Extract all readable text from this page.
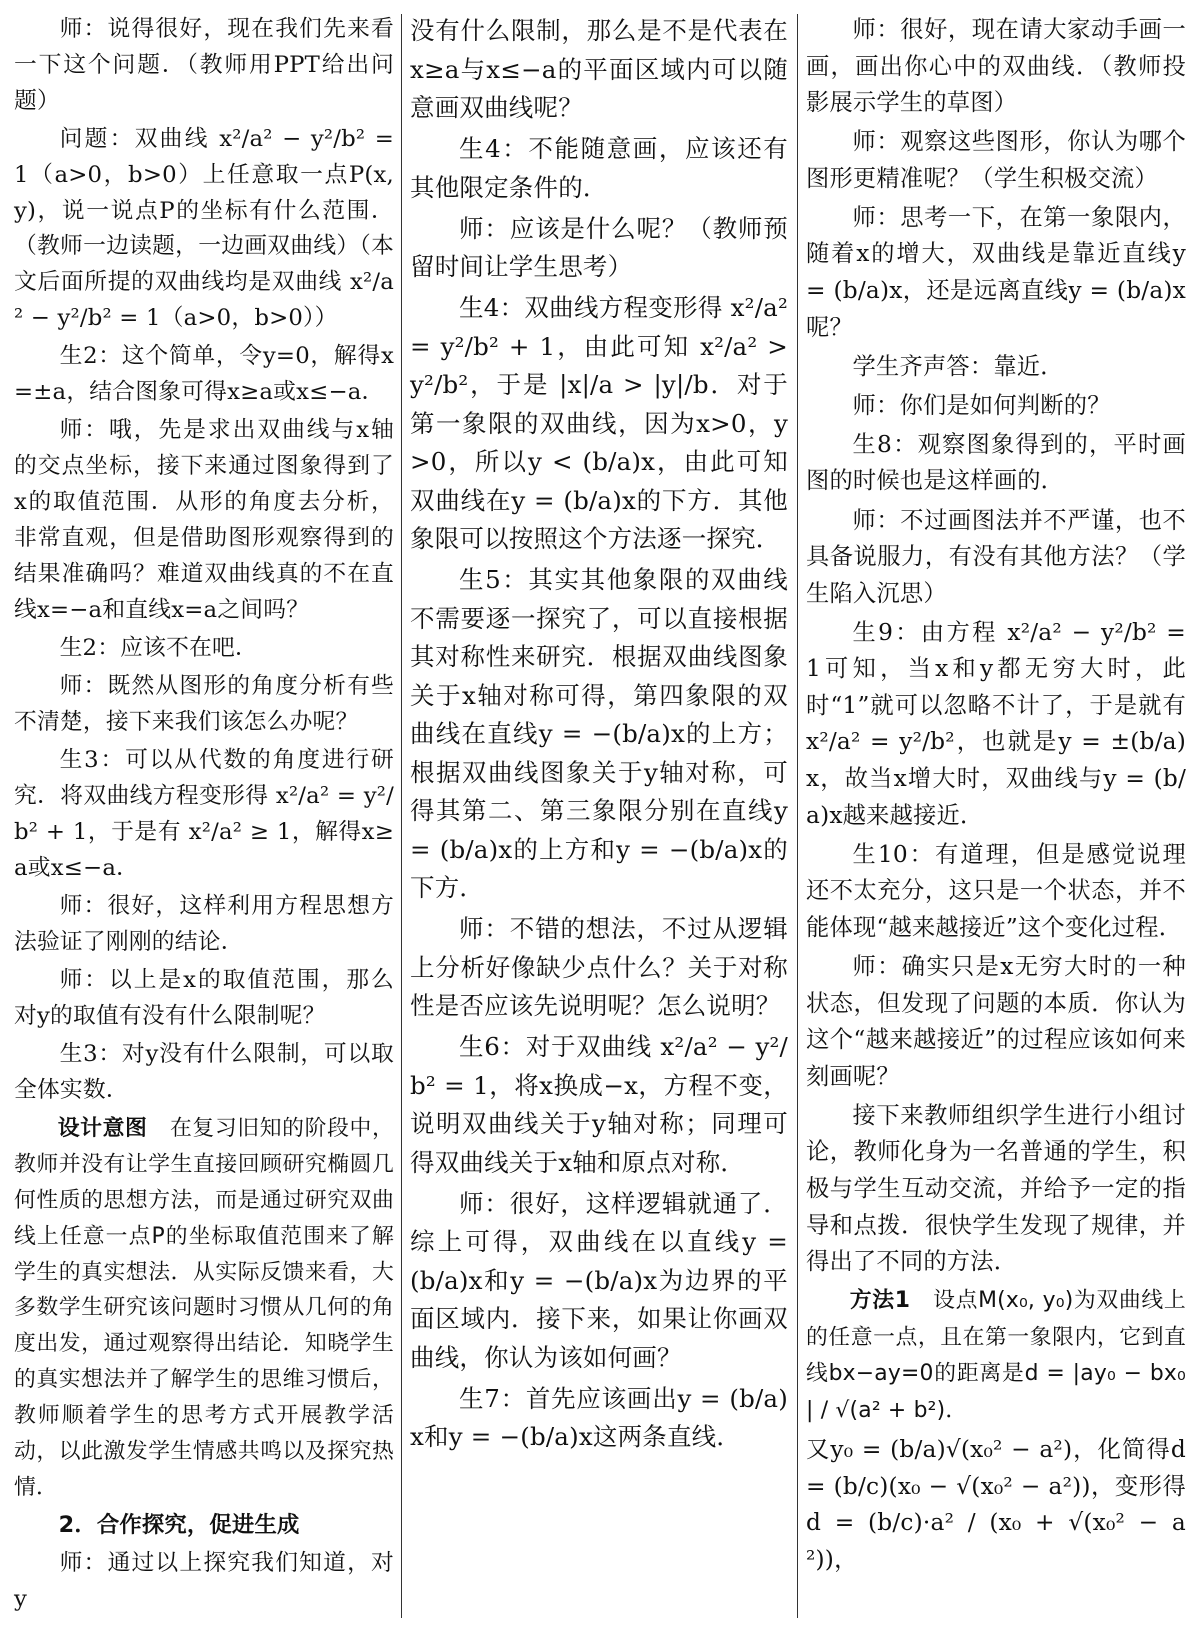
师：说得很好，现在我们先来看一下这个问题．（教师用PPT给出问题）

问题：双曲线 x²/a² − y²/b² = 1（a>0，b>0）上任意取一点P(x, y)，说一说点P的坐标有什么范围．（教师一边读题，一边画双曲线）（本文后面所提的双曲线均是双曲线 x²/a² − y²/b² = 1（a>0，b>0））

生2：这个简单，令y=0，解得x=±a，结合图象可得x≥a或x≤−a．

师：哦，先是求出双曲线与x轴的交点坐标，接下来通过图象得到了x的取值范围．从形的角度去分析，非常直观，但是借助图形观察得到的结果准确吗？难道双曲线真的不在直线x=−a和直线x=a之间吗？

生2：应该不在吧．

师：既然从图形的角度分析有些不清楚，接下来我们该怎么办呢？

生3：可以从代数的角度进行研究．将双曲线方程变形得 x²/a² = y²/b² + 1，于是有 x²/a² ≥ 1，解得x≥a或x≤−a．

师：很好，这样利用方程思想方法验证了刚刚的结论．

师：以上是x的取值范围，那么对y的取值有没有什么限制呢？

生3：对y没有什么限制，可以取全体实数．

设计意图　 在复习旧知的阶段中，教师并没有让学生直接回顾研究椭圆几何性质的思想方法，而是通过研究双曲线上任意一点P的坐标取值范围来了解学生的真实想法．从实际反馈来看，大多数学生研究该问题时习惯从几何的角度出发，通过观察得出结论．知晓学生的真实想法并了解学生的思维习惯后，教师顺着学生的思考方式开展教学活动，以此激发学生情感共鸣以及探究热情．

2．合作探究，促进生成

师：通过以上探究我们知道，对y

没有什么限制，那么是不是代表在x≥a与x≤−a的平面区域内可以随意画双曲线呢？

生4：不能随意画，应该还有其他限定条件的．

师：应该是什么呢？（教师预留时间让学生思考）

生4：双曲线方程变形得 x²/a² = y²/b² + 1，由此可知 x²/a² > y²/b²，于是 |x|/a > |y|/b．对于第一象限的双曲线，因为x>0，y>0，所以y < (b/a)x，由此可知双曲线在y = (b/a)x的下方．其他象限可以按照这个方法逐一探究．

生5：其实其他象限的双曲线不需要逐一探究了，可以直接根据其对称性来研究．根据双曲线图象关于x轴对称可得，第四象限的双曲线在直线y = −(b/a)x的上方；根据双曲线图象关于y轴对称，可得其第二、第三象限分别在直线y = (b/a)x的上方和y = −(b/a)x的下方．

师：不错的想法，不过从逻辑上分析好像缺少点什么？关于对称性是否应该先说明呢？怎么说明？

生6：对于双曲线 x²/a² − y²/b² = 1，将x换成−x，方程不变，说明双曲线关于y轴对称；同理可得双曲线关于x轴和原点对称．

师：很好，这样逻辑就通了．综上可得，双曲线在以直线y = (b/a)x和y = −(b/a)x为边界的平面区域内．接下来，如果让你画双曲线，你认为该如何画？

生7：首先应该画出y = (b/a)x和y = −(b/a)x这两条直线．

师：很好，现在请大家动手画一画，画出你心中的双曲线．（教师投影展示学生的草图）

师：观察这些图形，你认为哪个图形更精准呢？（学生积极交流）

师：思考一下，在第一象限内，随着x的增大，双曲线是靠近直线y = (b/a)x，还是远离直线y = (b/a)x呢？

学生齐声答：靠近．

师：你们是如何判断的？

生8：观察图象得到的，平时画图的时候也是这样画的．

师：不过画图法并不严谨，也不具备说服力，有没有其他方法？（学生陷入沉思）

生9：由方程 x²/a² − y²/b² = 1可知，当x和y都无穷大时，此时“1”就可以忽略不计了，于是就有 x²/a² = y²/b²，也就是y = ±(b/a)x，故当x增大时，双曲线与y = (b/a)x越来越接近．

生10：有道理，但是感觉说理还不太充分，这只是一个状态，并不能体现“越来越接近”这个变化过程．

师：确实只是x无穷大时的一种状态，但发现了问题的本质．你认为这个“越来越接近”的过程应该如何来刻画呢？

接下来教师组织学生进行小组讨论，教师化身为一名普通的学生，积极与学生互动交流，并给予一定的指导和点拨．很快学生发现了规律，并得出了不同的方法．

方法1　 设点M(x₀, y₀)为双曲线上的任意一点，且在第一象限内，它到直线bx−ay=0的距离是d = |ay₀ − bx₀| / √(a² + b²)．

又y₀ = (b/a)√(x₀² − a²)，化简得d = (b/c)(x₀ − √(x₀² − a²))，变形得d = (b/c)·a² / (x₀ + √(x₀² − a²))，
